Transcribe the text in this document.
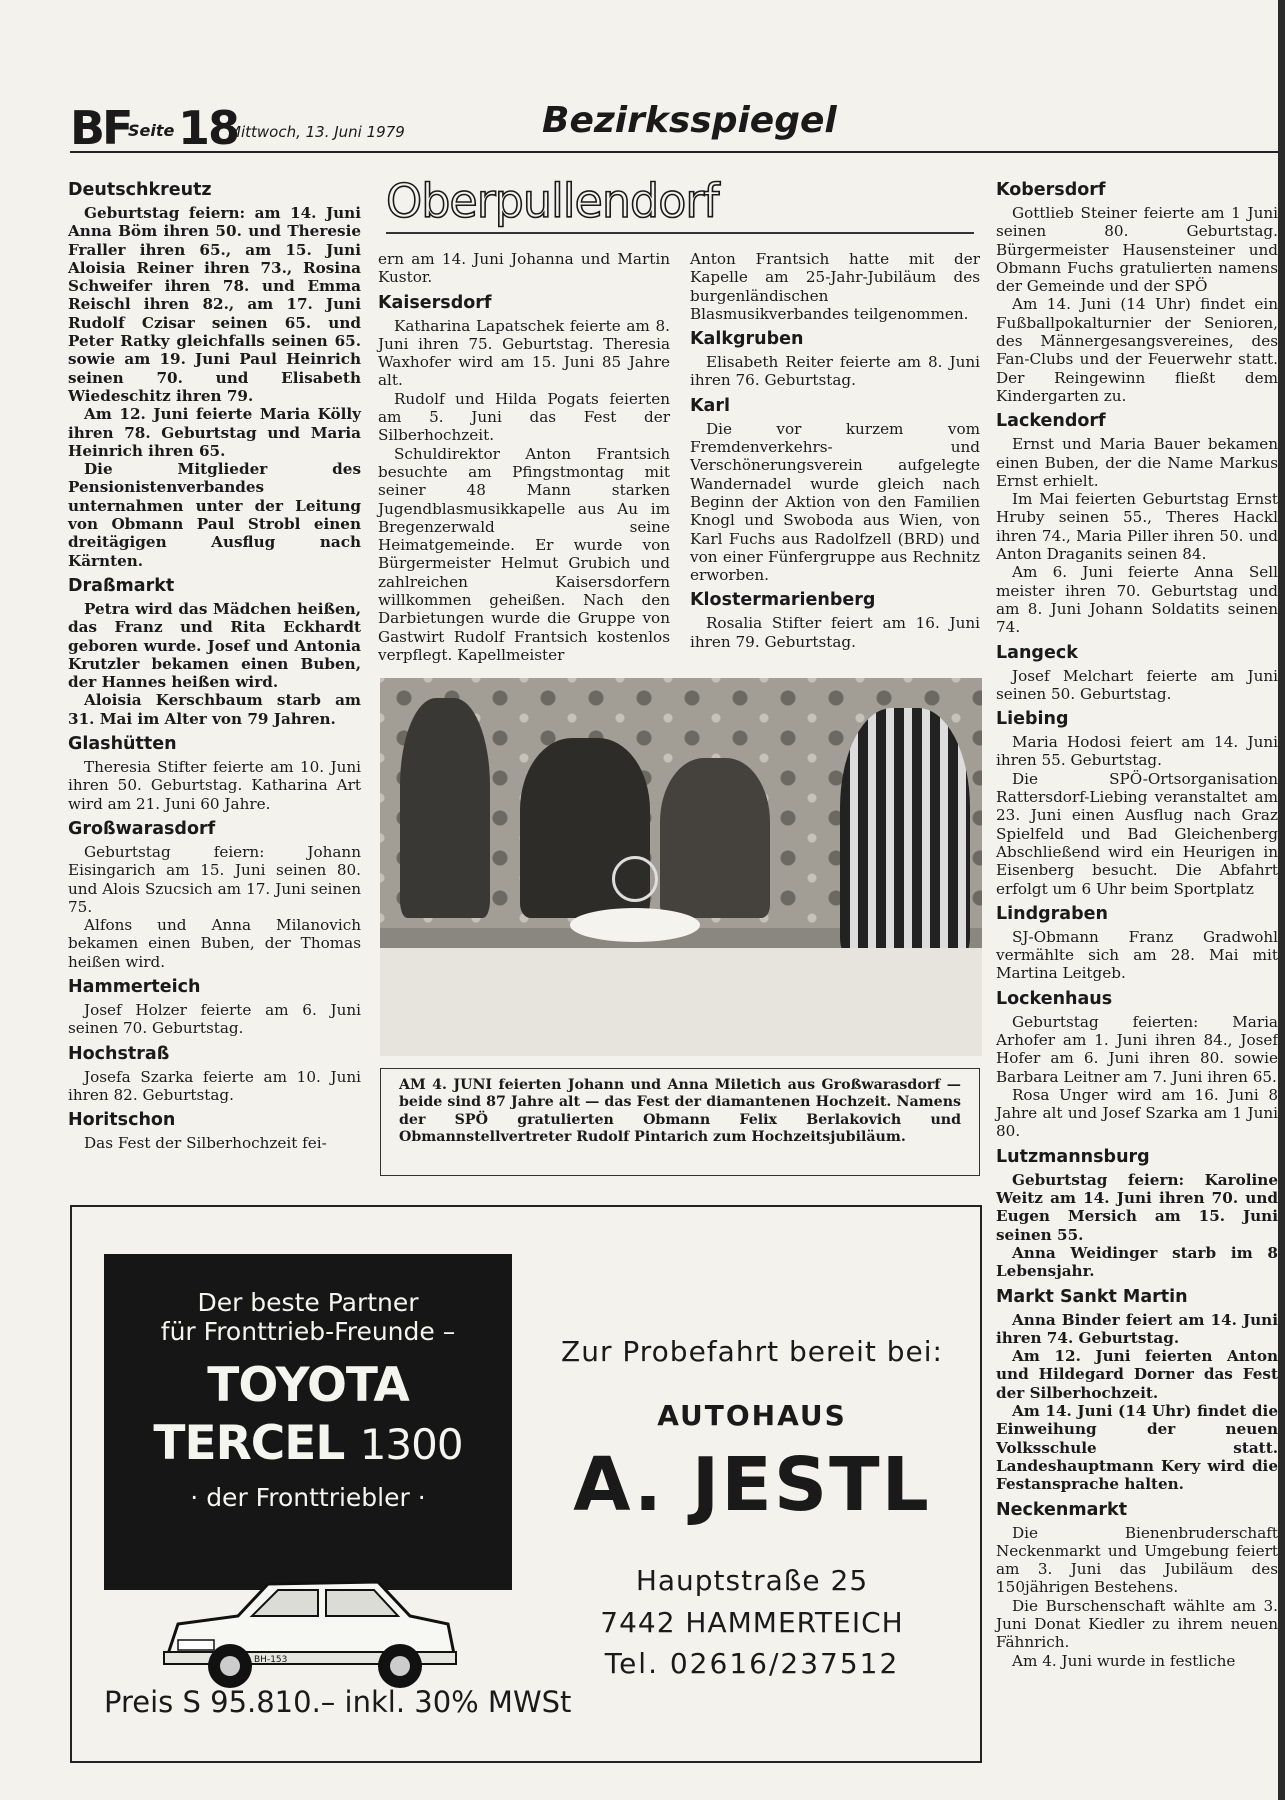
BF
Seite 18
Mittwoch, 13. Juni 1979	Bezirksspiegel
Deutschkreutz

Geburtstag feiern: am 14. Juni Anna Böm ihren 50. und Theresie Fraller ihren 65., am 15. Juni Aloisia Reiner ihren 73., Rosina Schweifer ihren 78. und Emma Reischl ihren 82., am 17. Juni Rudolf Czisar seinen 65. und Peter Ratky gleichfalls seinen 65. sowie am 19. Juni Paul Heinrich seinen 70. und Elisabeth Wiedeschitz ihren 79.

Am 12. Juni feierte Maria Kölly ihren 78. Geburtstag und Maria Heinrich ihren 65.

Die Mitglieder des Pensionistenverbandes unternahmen unter der Leitung von Obmann Paul Strobl einen dreitägigen Ausflug nach Kärnten.

Draßmarkt

Petra wird das Mädchen heißen, das Franz und Rita Eckhardt geboren wurde. Josef und Antonia Krutzler bekamen einen Buben, der Hannes heißen wird.

Aloisia Kerschbaum starb am 31. Mai im Alter von 79 Jahren.

Glashütten

Theresia Stifter feierte am 10. Juni ihren 50. Geburtstag. Katharina Art wird am 21. Juni 60 Jahre.

Großwarasdorf

Geburtstag feiern: Johann Eisingarich am 15. Juni seinen 80. und Alois Szucsich am 17. Juni seinen 75.

Alfons und Anna Milanovich bekamen einen Buben, der Thomas heißen wird.

Hammerteich

Josef Holzer feierte am 6. Juni seinen 70. Geburtstag.

Hochstraß

Josefa Szarka feierte am 10. Juni ihren 82. Geburtstag.

Horitschon

Das Fest der Silberhochzeit fei-

Oberpullendorf

ern am 14. Juni Johanna und Martin Kustor.

Kaisersdorf

Katharina Lapatschek feierte am 8. Juni ihren 75. Geburtstag. Theresia Waxhofer wird am 15. Juni 85 Jahre alt.

Rudolf und Hilda Pogats feierten am 5. Juni das Fest der Silberhochzeit.

Schuldirektor Anton Frantsich besuchte am Pfingstmontag mit seiner 48 Mann starken Jugendblasmusikkapelle aus Au im Bregenzerwald seine Heimatgemeinde. Er wurde von Bürgermeister Helmut Grubich und zahlreichen Kaisersdorfern willkommen geheißen. Nach den Darbietungen wurde die Gruppe von Gastwirt Rudolf Frantsich kostenlos verpflegt. Kapellmeister

Anton Frantsich hatte mit der Kapelle am 25-Jahr-Jubiläum des burgenländischen Blasmusikverbandes teilgenommen.

Kalkgruben

Elisabeth Reiter feierte am 8. Juni ihren 76. Geburtstag.

Karl

Die vor kurzem vom Fremdenverkehrs- und Verschönerungsverein aufgelegte Wandernadel wurde gleich nach Beginn der Aktion von den Familien Knogl und Swoboda aus Wien, von Karl Fuchs aus Radolfzell (BRD) und von einer Fünfergruppe aus Rechnitz erworben.

Klostermarienberg

Rosalia Stifter feiert am 16. Juni ihren 79. Geburtstag.

AM 4. JUNI feierten Johann und Anna Miletich aus Großwarasdorf — beide sind 87 Jahre alt — das Fest der diamantenen Hochzeit. Namens der SPÖ gratulierten Obmann Felix Berlakovich und Obmannstellvertreter Rudolf Pintarich zum Hochzeitsjubiläum.
Kobersdorf

Gottlieb Steiner feierte am 1 Juni seinen 80. Geburtstag. Bürgermeister Hausensteiner und Obmann Fuchs gratulierten namens der Gemeinde und der SPÖ

Am 14. Juni (14 Uhr) findet ein Fußballpokalturnier der Senioren, des Männergesangsvereines, des Fan-Clubs und der Feuerwehr statt. Der Reingewinn fließt dem Kindergarten zu.

Lackendorf

Ernst und Maria Bauer bekamen einen Buben, der die Name Markus Ernst erhielt.

Im Mai feierten Geburtstag Ernst Hruby seinen 55., Theres Hackl ihren 74., Maria Piller ihren 50. und Anton Draganits seinen 84.

Am 6. Juni feierte Anna Sell meister ihren 70. Geburtstag und am 8. Juni Johann Soldatits seinen 74.

Langeck

Josef Melchart feierte am Juni seinen 50. Geburtstag.

Liebing

Maria Hodosi feiert am 14. Juni ihren 55. Geburtstag.

Die SPÖ-Ortsorganisation Rattersdorf-Liebing veranstaltet am 23. Juni einen Ausflug nach Graz Spielfeld und Bad Gleichenberg Abschließend wird ein Heurigen in Eisenberg besucht. Die Abfahrt erfolgt um 6 Uhr beim Sportplatz

Lindgraben

SJ-Obmann Franz Gradwohl vermählte sich am 28. Mai mit Martina Leitgeb.

Lockenhaus

Geburtstag feierten: Maria Arhofer am 1. Juni ihren 84., Josef Hofer am 6. Juni ihren 80. sowie Barbara Leitner am 7. Juni ihren 65.

Rosa Unger wird am 16. Juni 8 Jahre alt und Josef Szarka am 1 Juni 80.

Lutzmannsburg

Geburtstag feiern: Karoline Weitz am 14. Juni ihren 70. und Eugen Mersich am 15. Juni seinen 55.

Anna Weidinger starb im 8 Lebensjahr.

Markt Sankt Martin

Anna Binder feiert am 14. Juni ihren 74. Geburtstag.

Am 12. Juni feierten Anton und Hildegard Dorner das Fest der Silberhochzeit.

Am 14. Juni (14 Uhr) findet die Einweihung der neuen Volksschule statt. Landeshauptmann Kery wird die Festansprache halten.

Neckenmarkt

Die Bienenbruderschaft Neckenmarkt und Umgebung feiert am 3. Juni das Jubiläum des 150jährigen Bestehens.

Die Burschenschaft wählte am 3. Juni Donat Kiedler zu ihrem neuen Fähnrich.

Am 4. Juni wurde in festliche

Der beste Partner
für Fronttrieb-Freunde –
TOYOTA
TERCEL 1300
· der Fronttriebler ·
BH-153
Preis S 95.810.– inkl. 30% MWSt
Zur Probefahrt bereit bei:
AUTOHAUS
A. JESTL
Hauptstraße 25
7442 HAMMERTEICH
Tel. 02616/237512
